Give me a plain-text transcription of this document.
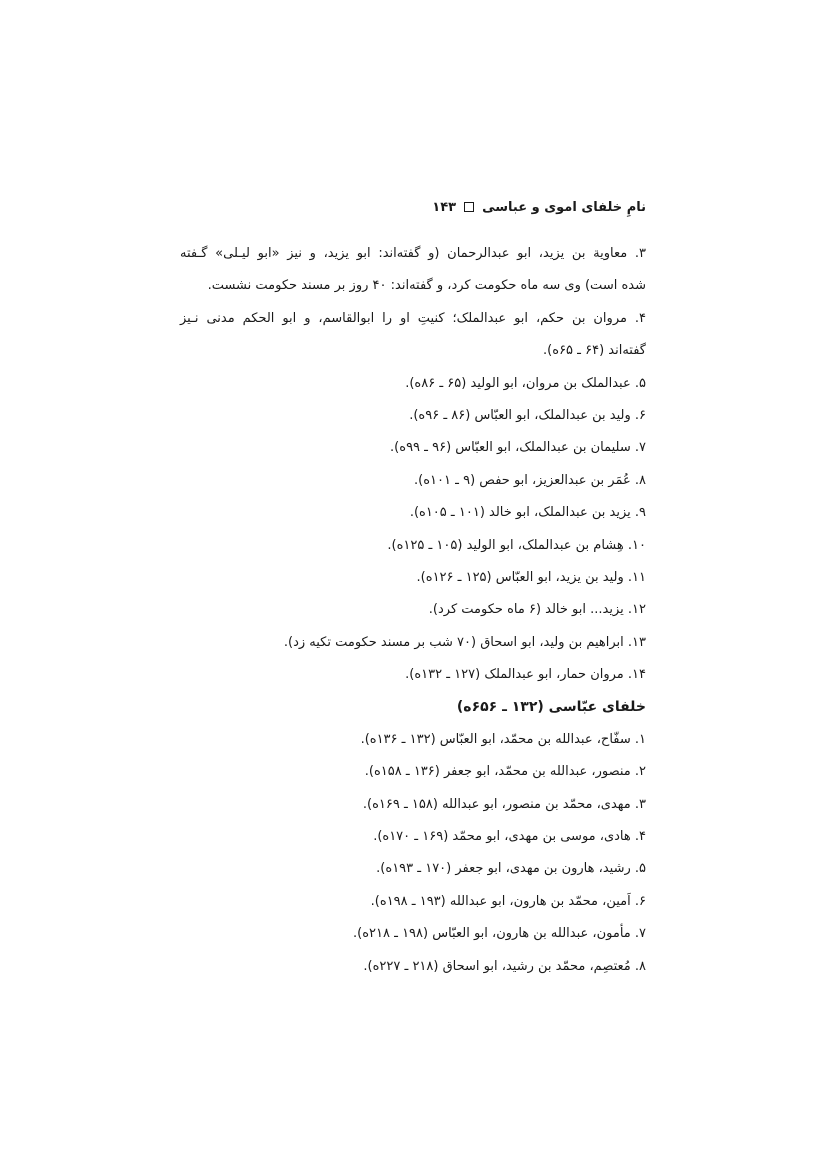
نامِ خلفای اموی و عباسی
۱۴۳
۳. معاویة بن یزید، ابو عبدالرحمان (و گفته‌اند: ابو یزید، و نیز «ابو لیـلی» گـفته
شده است) وی سه ماه حکومت کرد، و گفته‌اند: ۴۰ روز بر مسند حکومت نشست.
۴. مروان بن حکم، ابو عبدالملک؛ کنیتِ او را ابوالقاسم، و ابو الحکم مدنی نـیز
گفته‌اند (۶۴ ـ ۶۵ه).
۵. عبدالملک بن مروان، ابو الولید (۶۵ ـ ۸۶ه).
۶. ولید بن عبدالملک، ابو العبّاس (۸۶ ـ ۹۶ه).
۷. سلیمان بن عبدالملک، ابو العبّاس (۹۶ ـ ۹۹ه).
۸. عُمَر بن عبدالعزیز، ابو حفص (۹ ـ ۱۰۱ه).
۹. یزید بن عبدالملک، ابو خالد (۱۰۱ ـ ۱۰۵ه).
۱۰. هِشام بن عبدالملک، ابو الولید (۱۰۵ ـ ۱۲۵ه).
۱۱. ولید بن یزید، ابو العبّاس (۱۲۵ ـ ۱۲۶ه).
۱۲. یزید... ابو خالد (۶ ماه حکومت کرد).
۱۳. ابراهیم بن ولید، ابو اسحاق (۷۰ شب بر مسند حکومت تکیه زد).
۱۴. مروان حمار، ابو عبدالملک (۱۲۷ ـ ۱۳۲ه).
خلفای عبّاسی (۱۳۲ ـ ۶۵۶ه)
۱. سفّاح، عبدالله بن محمّد، ابو العبّاس (۱۳۲ ـ ۱۳۶ه).
۲. منصور، عبدالله بن محمّد، ابو جعفر (۱۳۶ ـ ۱۵۸ه).
۳. مهدی، محمّد بن منصور، ابو عبدالله (۱۵۸ ـ ۱۶۹ه).
۴. هادی، موسی بن مهدی، ابو محمّد (۱۶۹ ـ ۱۷۰ه).
۵. رشید، هارون بن مهدی، ابو جعفر (۱۷۰ ـ ۱۹۳ه).
۶. اَمین، محمّد بن هارون، ابو عبدالله (۱۹۳ ـ ۱۹۸ه).
۷. مأمون، عبدالله بن هارون، ابو العبّاس (۱۹۸ ـ ۲۱۸ه).
۸. مُعتصِم، محمّد بن رشید، ابو اسحاق (۲۱۸ ـ ۲۲۷ه).
